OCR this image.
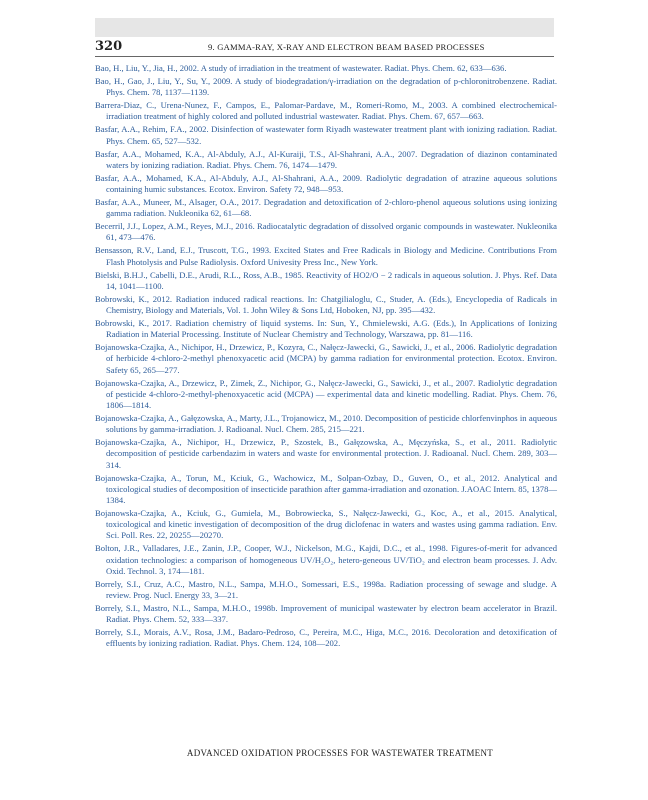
320	9. GAMMA-RAY, X-RAY AND ELECTRON BEAM BASED PROCESSES
Bao, H., Liu, Y., Jia, H., 2002. A study of irradiation in the treatment of wastewater. Radiat. Phys. Chem. 62, 633—636.
Bao, H., Gao, J., Liu, Y., Su, Y., 2009. A study of biodegradation/γ-irradiation on the degradation of p-chloronitrobenzene. Radiat. Phys. Chem. 78, 1137—1139.
Barrera-Diaz, C., Urena-Nunez, F., Campos, E., Palomar-Pardave, M., Romeri-Romo, M., 2003. A combined electrochemical-irradiation treatment of highly colored and polluted industrial wastewater. Radiat. Phys. Chem. 67, 657—663.
Basfar, A.A., Rehim, F.A., 2002. Disinfection of wastewater form Riyadh wastewater treatment plant with ionizing radiation. Radiat. Phys. Chem. 65, 527—532.
Basfar, A.A., Mohamed, K.A., Al-Abduly, A.J., Al-Kuraiji, T.S., Al-Shahrani, A.A., 2007. Degradation of diazinon contaminated waters by ionizing radiation. Radiat. Phys. Chem. 76, 1474—1479.
Basfar, A.A., Mohamed, K.A., Al-Abduly, A.J., Al-Shahrani, A.A., 2009. Radiolytic degradation of atrazine aqueous solutions containing humic substances. Ecotox. Environ. Safety 72, 948—953.
Basfar, A.A., Muneer, M., Alsager, O.A., 2017. Degradation and detoxification of 2-chloro-phenol aqueous solutions using ionizing gamma radiation. Nukleonika 62, 61—68.
Becerril, J.J., Lopez, A.M., Reyes, M.J., 2016. Radiocatalytic degradation of dissolved organic compounds in wastewater. Nukleonika 61, 473—476.
Bensasson, R.V., Land, E.J., Truscott, T.G., 1993. Excited States and Free Radicals in Biology and Medicine. Contributions From Flash Photolysis and Pulse Radiolysis. Oxford Univesity Press Inc., New York.
Bielski, B.H.J., Cabelli, D.E., Arudi, R.L., Ross, A.B., 1985. Reactivity of HO2/O − 2 radicals in aqueous solution. J. Phys. Ref. Data 14, 1041—1100.
Bobrowski, K., 2012. Radiation induced radical reactions. In: Chatgilialoglu, C., Studer, A. (Eds.), Encyclopedia of Radicals in Chemistry, Biology and Materials, Vol. 1. John Wiley & Sons Ltd, Hoboken, NJ, pp. 395—432.
Bobrowski, K., 2017. Radiation chemistry of liquid systems. In: Sun, Y., Chmielewski, A.G. (Eds.), In Applications of Ionizing Radiation in Material Processing. Institute of Nuclear Chemistry and Technology, Warszawa, pp. 81—116.
Bojanowska-Czajka, A., Nichipor, H., Drzewicz, P., Kozyra, C., Nałęcz-Jawecki, G., Sawicki, J., et al., 2006. Radiolytic degradation of herbicide 4-chloro-2-methyl phenoxyacetic acid (MCPA) by gamma radiation for environmental protection. Ecotox. Environ. Safety 65, 265—277.
Bojanowska-Czajka, A., Drzewicz, P., Zimek, Z., Nichipor, G., Nałęcz-Jawecki, G., Sawicki, J., et al., 2007. Radiolytic degradation of pesticide 4-chloro-2-methyl-phenoxyacetic acid (MCPA) — experimental data and kinetic modelling. Radiat. Phys. Chem. 76, 1806—1814.
Bojanowska-Czajka, A., Gałęzowska, A., Marty, J.L., Trojanowicz, M., 2010. Decomposition of pesticide chlorfenvinphos in aqueous solutions by gamma-irradiation. J. Radioanal. Nucl. Chem. 285, 215—221.
Bojanowska-Czajka, A., Nichipor, H., Drzewicz, P., Szostek, B., Gałęzowska, A., Męczyńska, S., et al., 2011. Radiolytic decomposition of pesticide carbendazim in waters and waste for environmental protection. J. Radioanal. Nucl. Chem. 289, 303—314.
Bojanowska-Czajka, A., Torun, M., Kciuk, G., Wachowicz, M., Solpan-Ozbay, D., Guven, O., et al., 2012. Analytical and toxicological studies of decomposition of insecticide parathion after gamma-irradiation and ozonation. J.AOAC Intern. 85, 1378—1384.
Bojanowska-Czajka, A., Kciuk, G., Gumiela, M., Bobrowiecka, S., Nałęcz-Jawecki, G., Koc, A., et al., 2015. Analytical, toxicological and kinetic investigation of decomposition of the drug diclofenac in waters and wastes using gamma radiation. Env. Sci. Poll. Res. 22, 20255—20270.
Bolton, J.R., Valladares, J.E., Zanin, J.P., Cooper, W.J., Nickelson, M.G., Kajdi, D.C., et al., 1998. Figures-of-merit for advanced oxidation technologies: a comparison of homogeneous UV/H₂O₂, hetero-geneous UV/TiO₂ and electron beam processes. J. Adv. Oxid. Technol. 3, 174—181.
Borrely, S.I., Cruz, A.C., Mastro, N.L., Sampa, M.H.O., Somessari, E.S., 1998a. Radiation processing of sewage and sludge. A review. Prog. Nucl. Energy 33, 3—21.
Borrely, S.I., Mastro, N.L., Sampa, M.H.O., 1998b. Improvement of municipal wastewater by electron beam accelerator in Brazil. Radiat. Phys. Chem. 52, 333—337.
Borrely, S.I., Morais, A.V., Rosa, J.M., Badaro-Pedroso, C., Pereira, M.C., Higa, M.C., 2016. Decoloration and detoxification of effluents by ionizing radiation. Radiat. Phys. Chem. 124, 108—202.
ADVANCED OXIDATION PROCESSES FOR WASTEWATER TREATMENT
